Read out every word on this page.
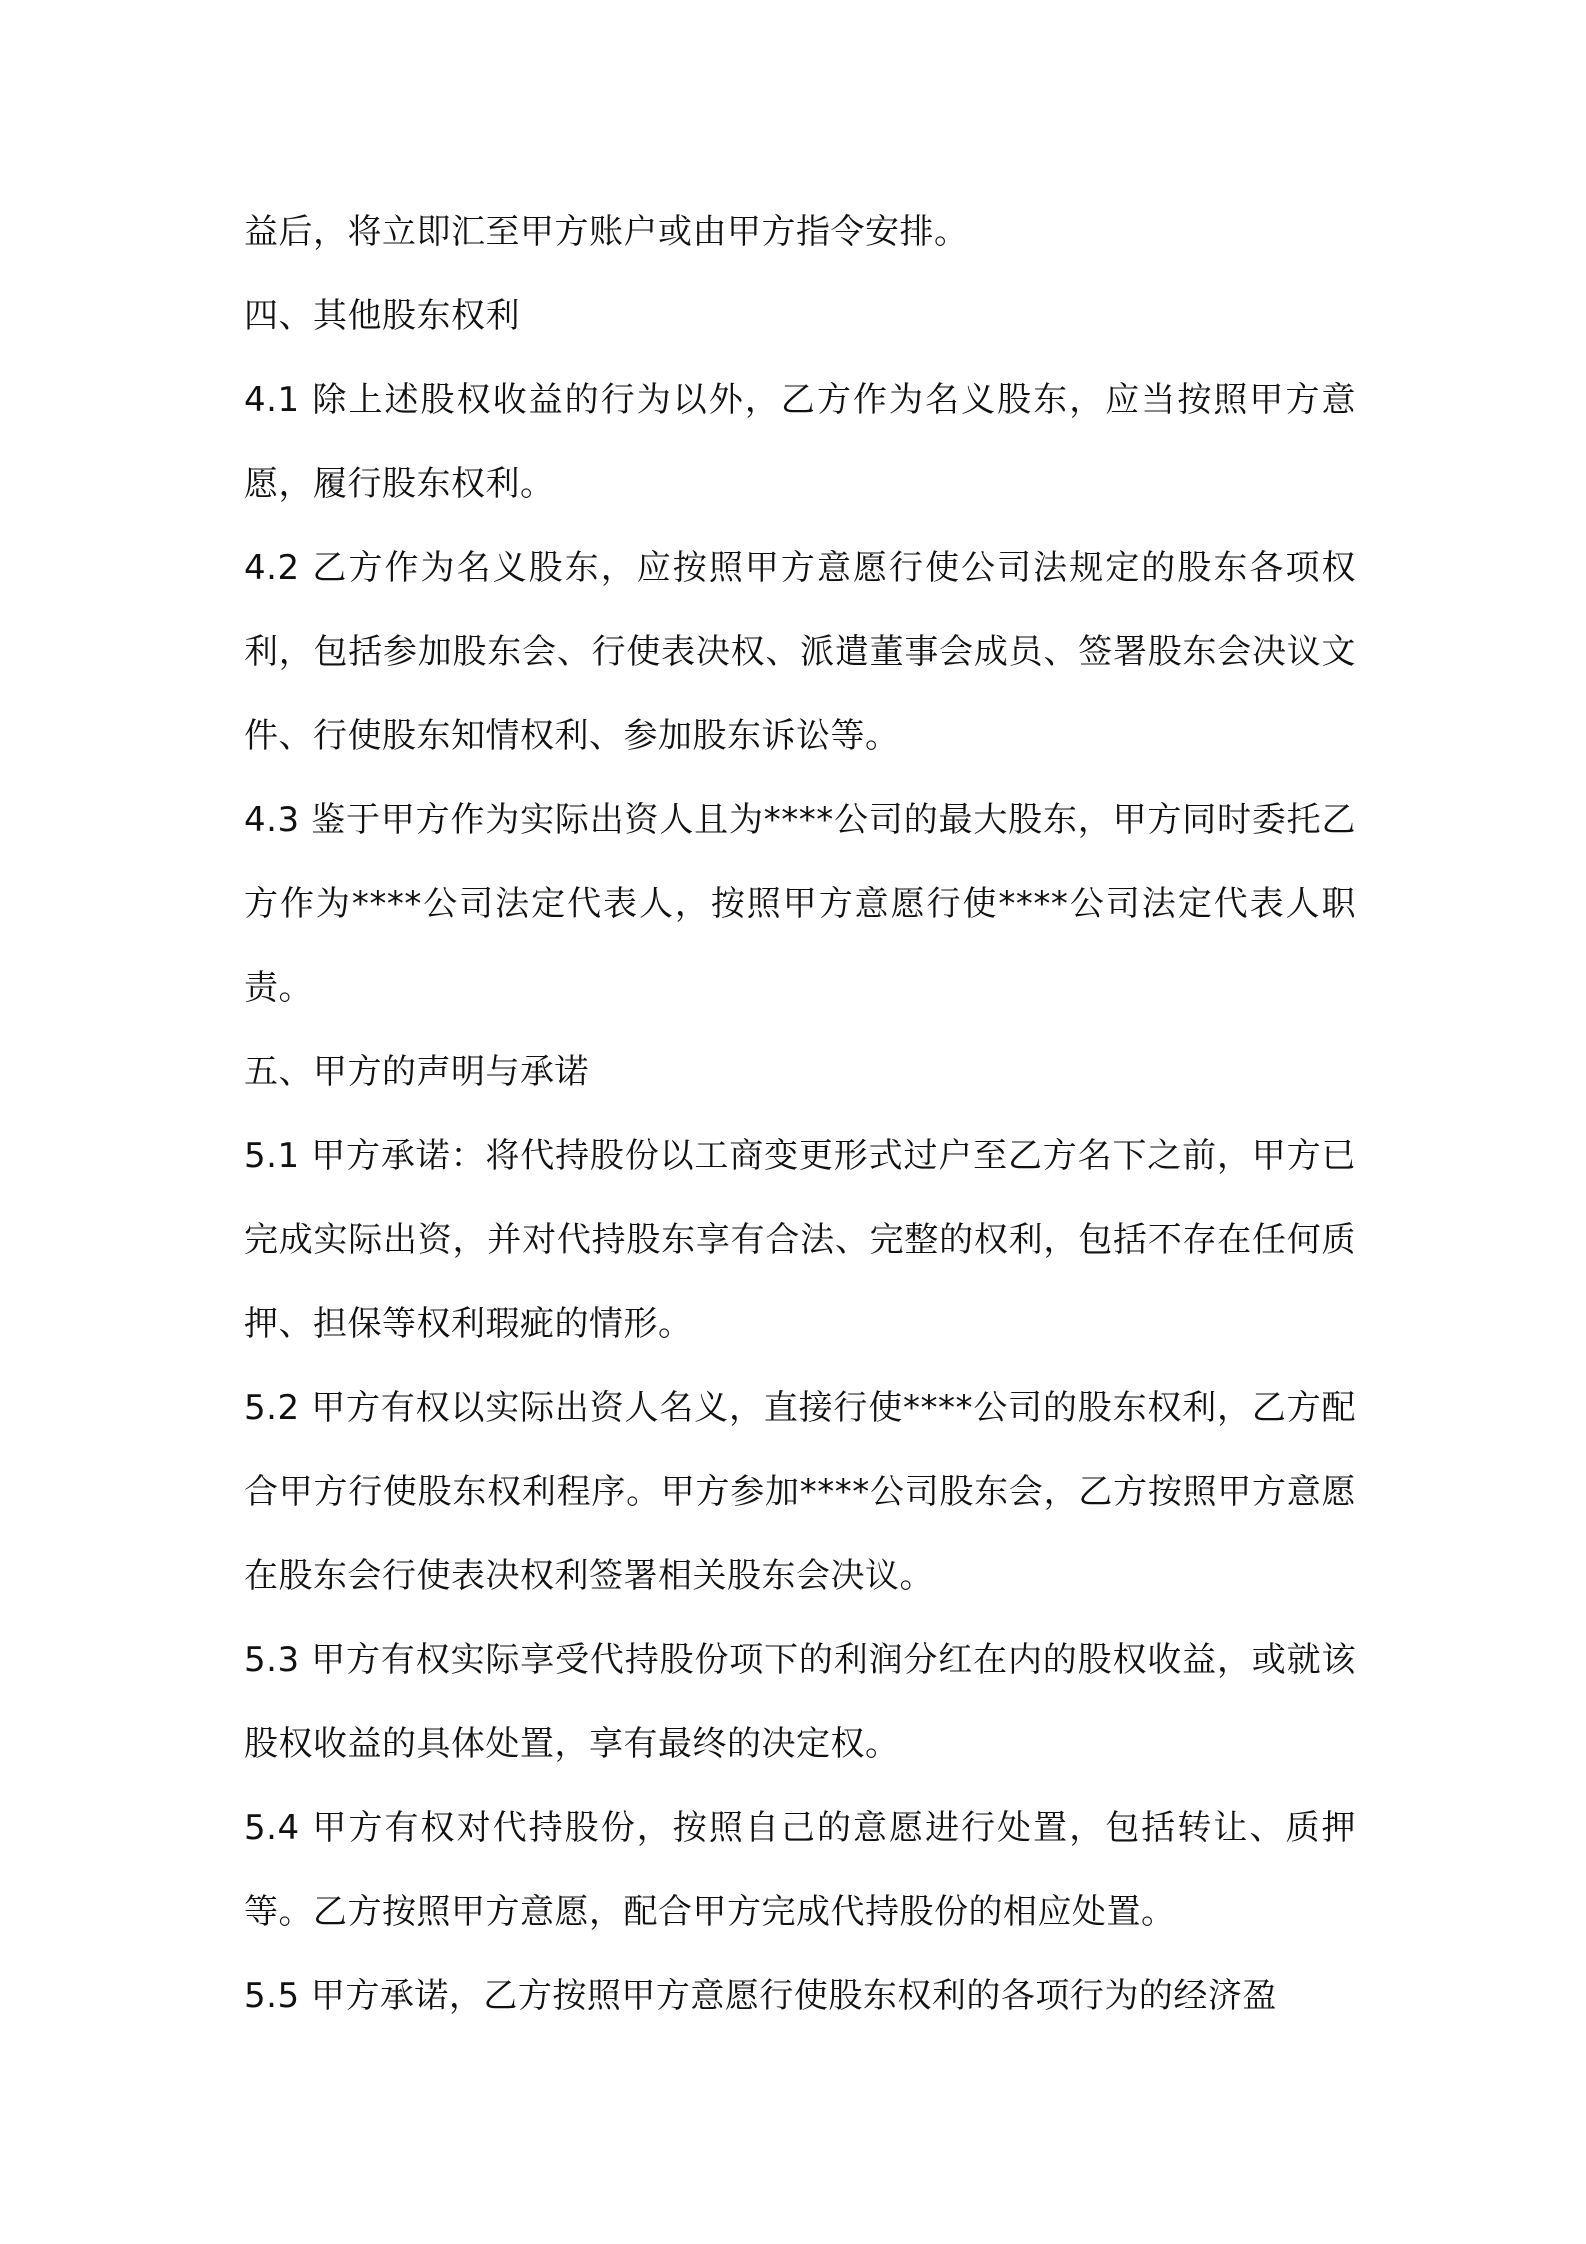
益后，将立即汇至甲方账户或由甲方指令安排。

四、其他股东权利

4.1 除上述股权收益的行为以外，乙方作为名义股东，应当按照甲方意愿，履行股东权利。

4.2 乙方作为名义股东，应按照甲方意愿行使公司法规定的股东各项权利，包括参加股东会、行使表决权、派遣董事会成员、签署股东会决议文件、行使股东知情权利、参加股东诉讼等。

4.3 鉴于甲方作为实际出资人且为****公司的最大股东，甲方同时委托乙方作为****公司法定代表人，按照甲方意愿行使****公司法定代表人职责。

五、甲方的声明与承诺

5.1 甲方承诺：将代持股份以工商变更形式过户至乙方名下之前，甲方已完成实际出资，并对代持股东享有合法、完整的权利，包括不存在任何质押、担保等权利瑕疵的情形。

5.2 甲方有权以实际出资人名义，直接行使****公司的股东权利，乙方配合甲方行使股东权利程序。甲方参加****公司股东会，乙方按照甲方意愿在股东会行使表决权利签署相关股东会决议。

5.3 甲方有权实际享受代持股份项下的利润分红在内的股权收益，或就该股权收益的具体处置，享有最终的决定权。

5.4 甲方有权对代持股份，按照自己的意愿进行处置，包括转让、质押等。乙方按照甲方意愿，配合甲方完成代持股份的相应处置。

5.5 甲方承诺，乙方按照甲方意愿行使股东权利的各项行为的经济盈
